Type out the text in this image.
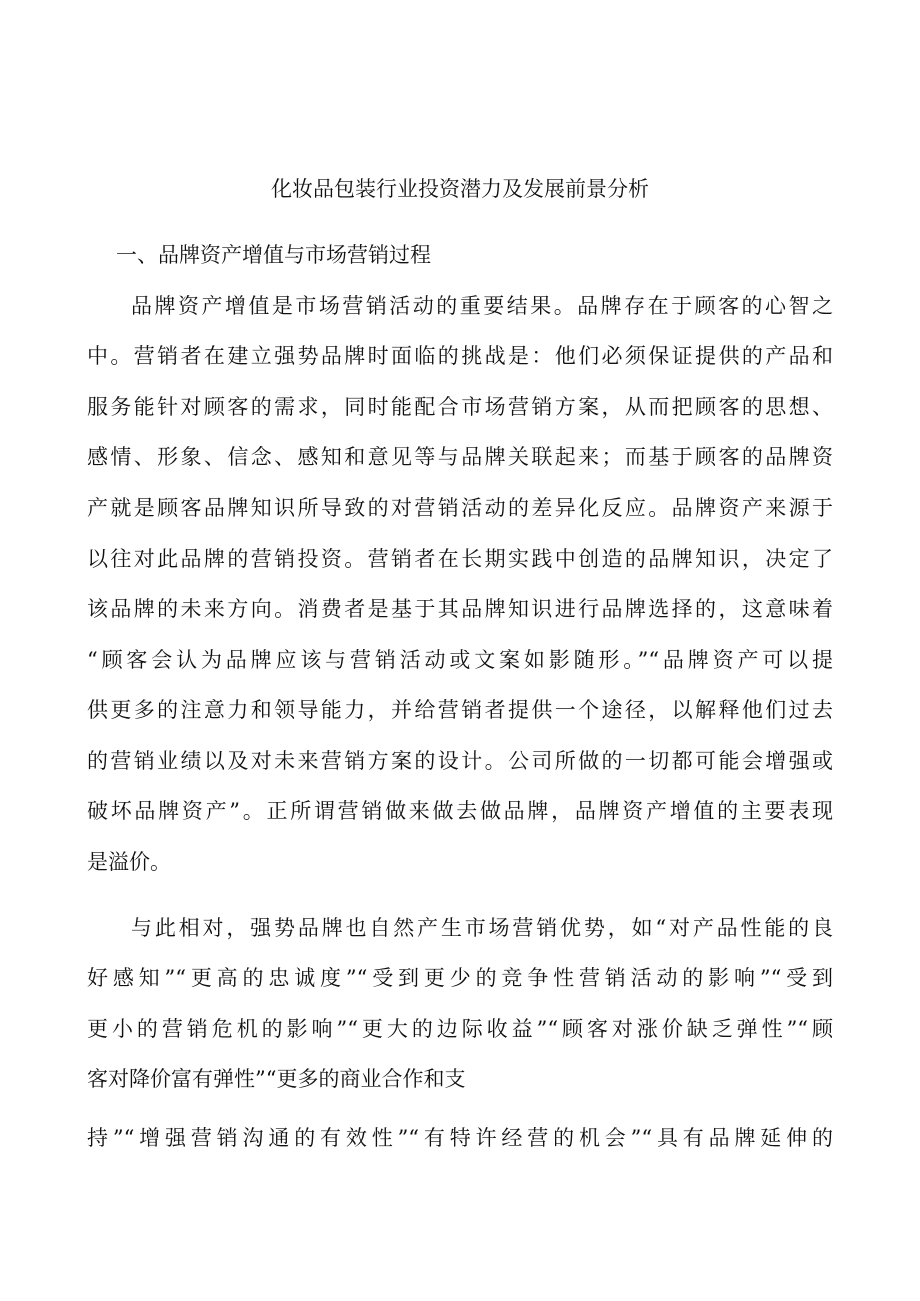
化妆品包装行业投资潜力及发展前景分析
一、品牌资产增值与市场营销过程
品牌资产增值是市场营销活动的重要结果。品牌存在于顾客的心智之
中。营销者在建立强势品牌时面临的挑战是：他们必须保证提供的产品和
服务能针对顾客的需求，同时能配合市场营销方案，从而把顾客的思想、
感情、形象、信念、感知和意见等与品牌关联起来；而基于顾客的品牌资
产就是顾客品牌知识所导致的对营销活动的差异化反应。品牌资产来源于
以往对此品牌的营销投资。营销者在长期实践中创造的品牌知识，决定了
该品牌的未来方向。消费者是基于其品牌知识进行品牌选择的，这意味着
“顾客会认为品牌应该与营销活动或文案如影随形。”“品牌资产可以提
供更多的注意力和领导能力，并给营销者提供一个途径，以解释他们过去
的营销业绩以及对未来营销方案的设计。公司所做的一切都可能会增强或
破坏品牌资产”。正所谓营销做来做去做品牌，品牌资产增值的主要表现
是溢价。
与此相对，强势品牌也自然产生市场营销优势，如“对产品性能的良
好感知”“更高的忠诚度”“受到更少的竞争性营销活动的影响”“受到
更小的营销危机的影响”“更大的边际收益”“顾客对涨价缺乏弹性”“顾
客对降价富有弹性”“更多的商业合作和支
持”“增强营销沟通的有效性”“有特许经营的机会”“具有品牌延伸的
